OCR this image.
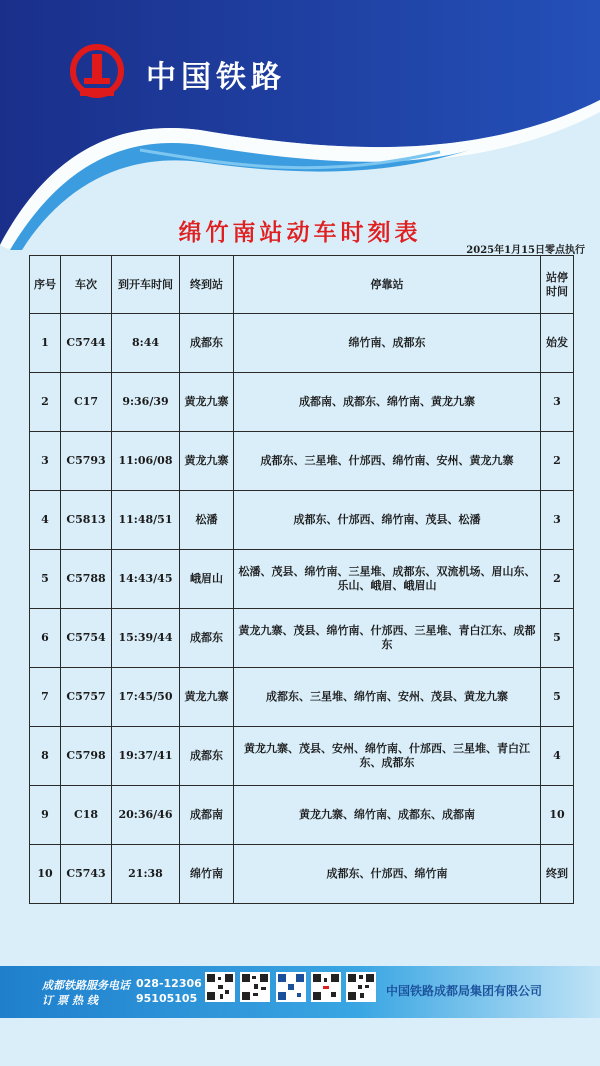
中国铁路
绵竹南站动车时刻表

2025年1月15日零点执行

序号	车次	到开车时间	终到站	停靠站	站停时间
1	C5744	8:44	成都东	绵竹南、成都东	始发
2	C17	9:36/39	黄龙九寨	成都南、成都东、绵竹南、黄龙九寨	3
3	C5793	11:06/08	黄龙九寨	成都东、三星堆、什邡西、绵竹南、安州、黄龙九寨	2
4	C5813	11:48/51	松潘	成都东、什邡西、绵竹南、茂县、松潘	3
5	C5788	14:43/45	峨眉山	松潘、茂县、绵竹南、三星堆、成都东、双流机场、眉山东、乐山、峨眉、峨眉山	2
6	C5754	15:39/44	成都东	黄龙九寨、茂县、绵竹南、什邡西、三星堆、青白江东、成都东	5
7	C5757	17:45/50	黄龙九寨	成都东、三星堆、绵竹南、安州、茂县、黄龙九寨	5
8	C5798	19:37/41	成都东	黄龙九寨、茂县、安州、绵竹南、什邡西、三星堆、青白江东、成都东	4
9	C18	20:36/46	成都南	黄龙九寨、绵竹南、成都东、成都南	10
10	C5743	21:38	绵竹南	成都东、什邡西、绵竹南	终到

成都铁路服务电话

订票热线

028-12306

95105105

中国铁路成都局集团有限公司
